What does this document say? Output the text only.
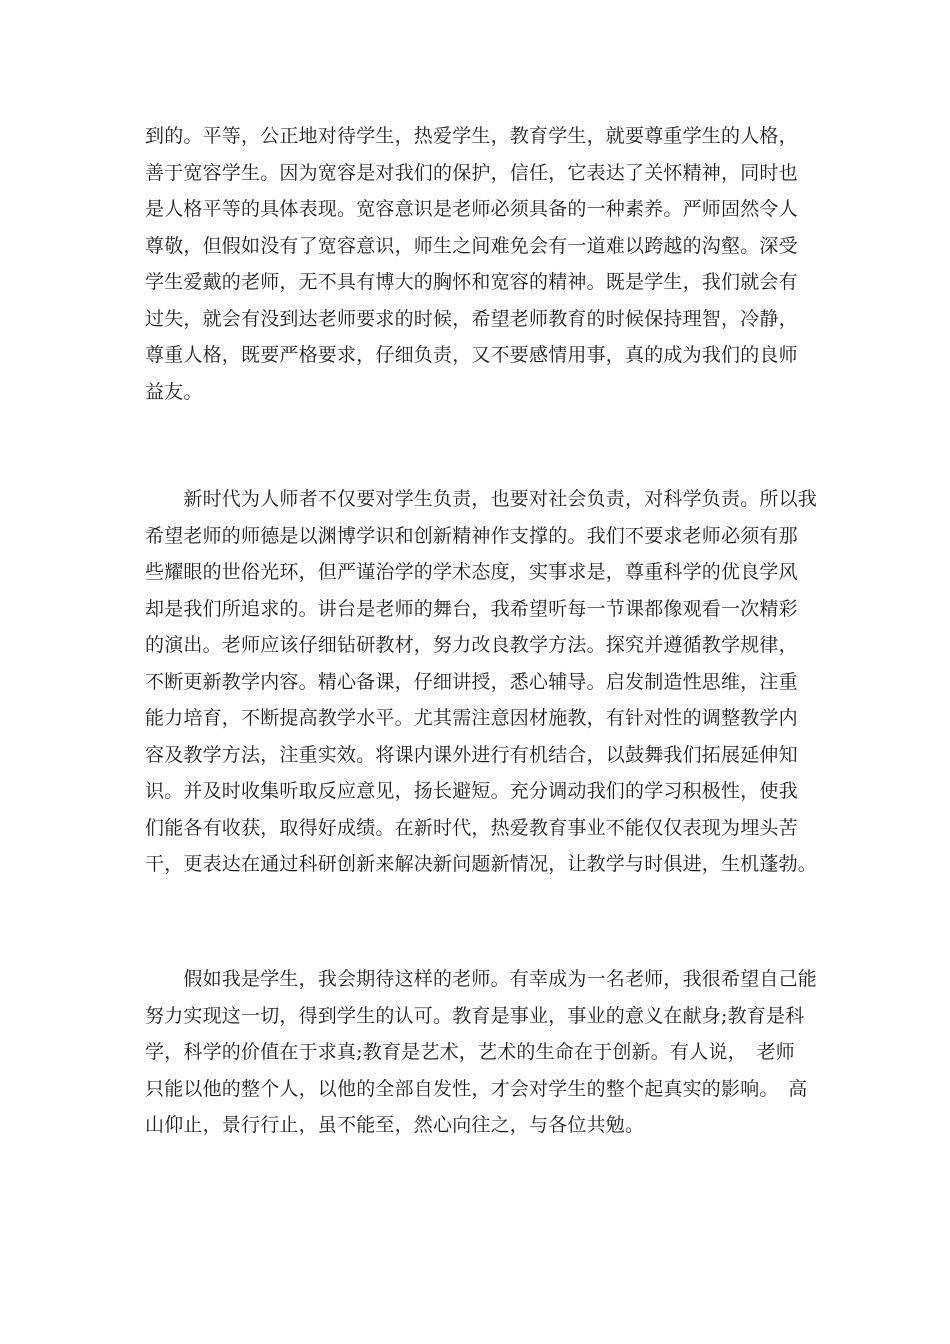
到的。平等，公正地对待学生，热爱学生，教育学生，就要尊重学生的人格，
善于宽容学生。因为宽容是对我们的保护，信任，它表达了关怀精神，同时也
是人格平等的具体表现。宽容意识是老师必须具备的一种素养。严师固然令人
尊敬，但假如没有了宽容意识，师生之间难免会有一道难以跨越的沟壑。深受
学生爱戴的老师，无不具有博大的胸怀和宽容的精神。既是学生，我们就会有
过失，就会有没到达老师要求的时候，希望老师教育的时候保持理智，冷静，
尊重人格，既要严格要求，仔细负责，又不要感情用事，真的成为我们的良师
益友。
　　新时代为人师者不仅要对学生负责，也要对社会负责，对科学负责。所以我
希望老师的师德是以渊博学识和创新精神作支撑的。我们不要求老师必须有那
些耀眼的世俗光环，但严谨治学的学术态度，实事求是，尊重科学的优良学风
却是我们所追求的。讲台是老师的舞台，我希望听每一节课都像观看一次精彩
的演出。老师应该仔细钻研教材，努力改良教学方法。探究并遵循教学规律，
不断更新教学内容。精心备课，仔细讲授，悉心辅导。启发制造性思维，注重
能力培育，不断提高教学水平。尤其需注意因材施教，有针对性的调整教学内
容及教学方法，注重实效。将课内课外进行有机结合，以鼓舞我们拓展延伸知
识。并及时收集听取反应意见，扬长避短。充分调动我们的学习积极性，使我
们能各有收获，取得好成绩。在新时代，热爱教育事业不能仅仅表现为埋头苦
干，更表达在通过科研创新来解决新问题新情况，让教学与时俱进，生机蓬勃。
　　假如我是学生，我会期待这样的老师。有幸成为一名老师，我很希望自己能
努力实现这一切，得到学生的认可。教育是事业，事业的意义在献身;教育是科
学，科学的价值在于求真;教育是艺术，艺术的生命在于创新。有人说，　老师
只能以他的整个人，以他的全部自发性，才会对学生的整个起真实的影响。　高
山仰止，景行行止，虽不能至，然心向往之，与各位共勉。
